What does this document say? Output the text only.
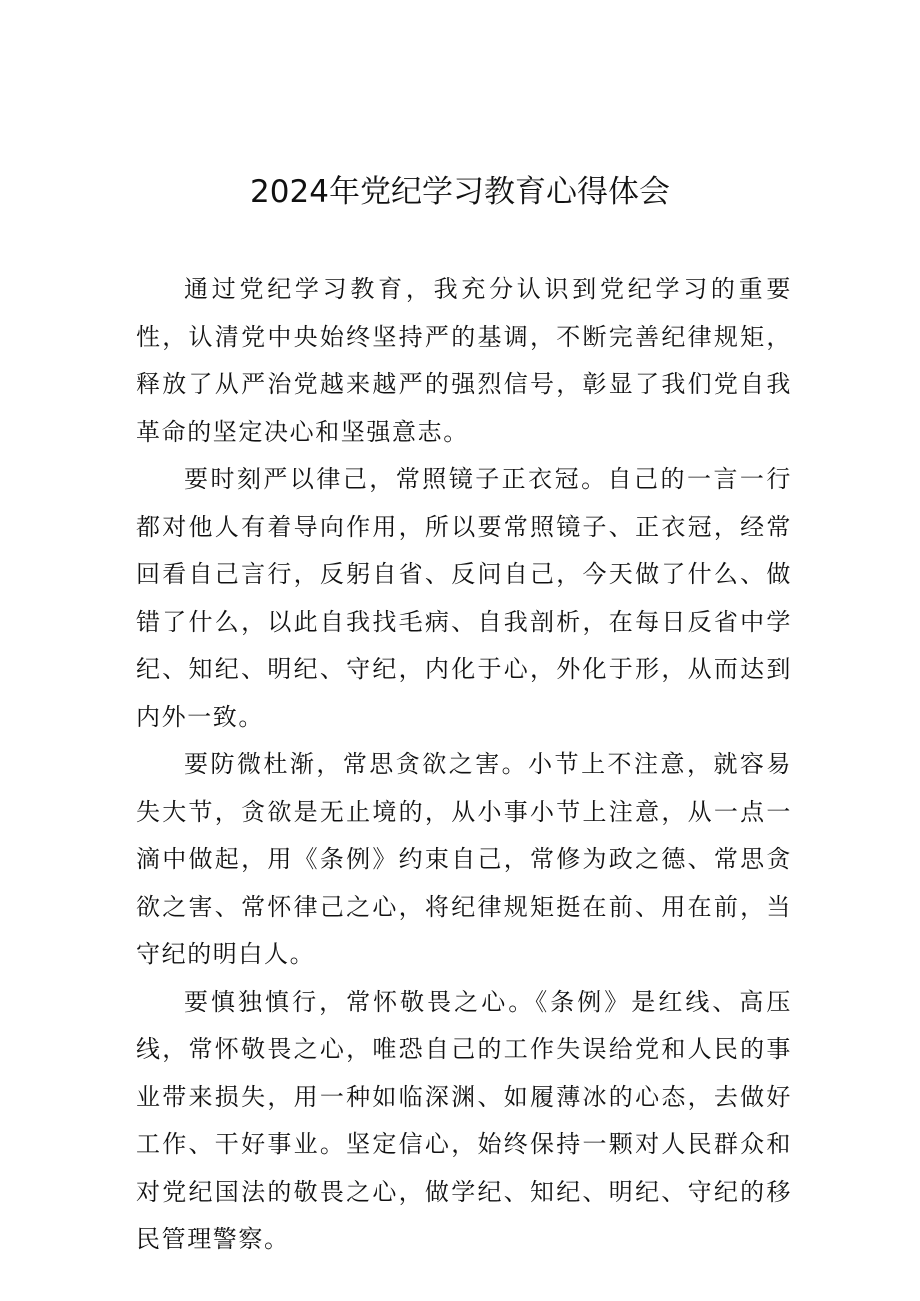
2024年党纪学习教育心得体会

通过党纪学习教育，我充分认识到党纪学习的重要性，认清党中央始终坚持严的基调，不断完善纪律规矩，释放了从严治党越来越严的强烈信号，彰显了我们党自我革命的坚定决心和坚强意志。

要时刻严以律己，常照镜子正衣冠。自己的一言一行都对他人有着导向作用，所以要常照镜子、正衣冠，经常回看自己言行，反躬自省、反问自己，今天做了什么、做错了什么，以此自我找毛病、自我剖析，在每日反省中学纪、知纪、明纪、守纪，内化于心，外化于形，从而达到内外一致。

要防微杜渐，常思贪欲之害。小节上不注意，就容易失大节，贪欲是无止境的，从小事小节上注意，从一点一滴中做起，用《条例》约束自己，常修为政之德、常思贪欲之害、常怀律己之心，将纪律规矩挺在前、用在前，当守纪的明白人。

要慎独慎行，常怀敬畏之心。《条例》是红线、高压线，常怀敬畏之心，唯恐自己的工作失误给党和人民的事业带来损失，用一种如临深渊、如履薄冰的心态，去做好工作、干好事业。坚定信心，始终保持一颗对人民群众和对党纪国法的敬畏之心，做学纪、知纪、明纪、守纪的移民管理警察。
